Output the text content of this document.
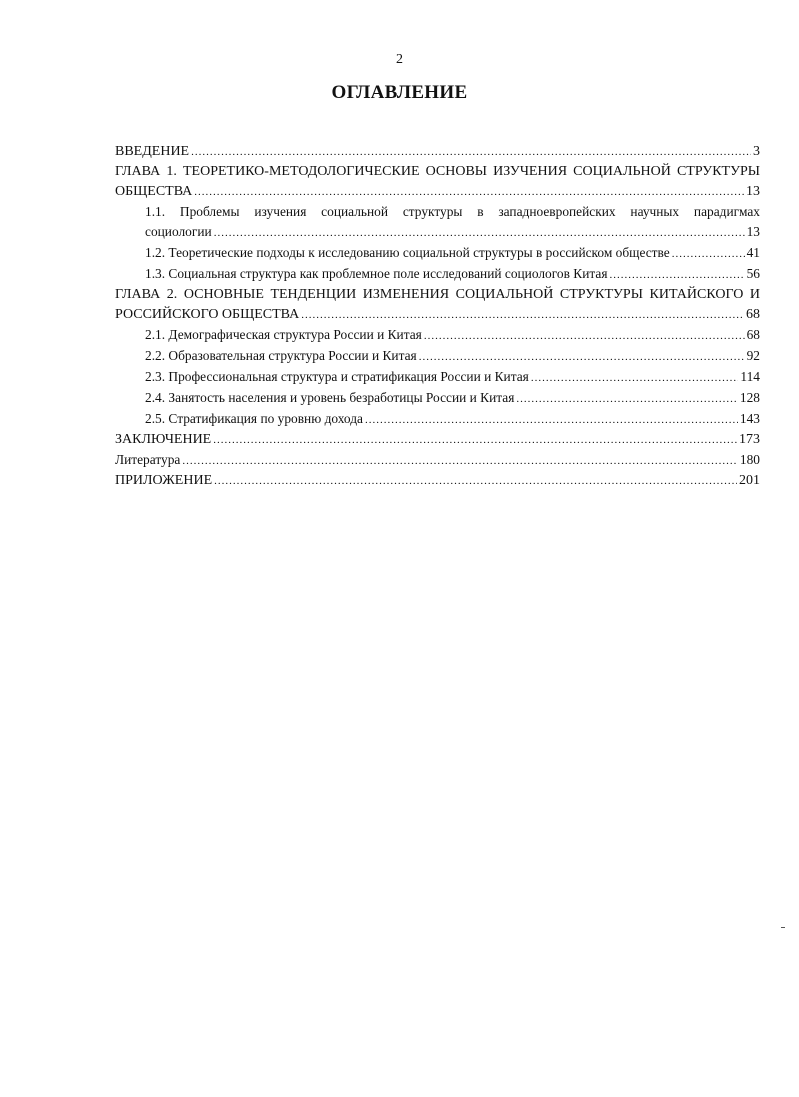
2
ОГЛАВЛЕНИЕ
ВВЕДЕНИЕ .....	3
ГЛАВА 1. ТЕОРЕТИКО-МЕТОДОЛОГИЧЕСКИЕ ОСНОВЫ ИЗУЧЕНИЯ СОЦИАЛЬНОЙ СТРУКТУРЫ
ОБЩЕСТВА .....	13
1.1. Проблемы изучения социальной структуры в западноевропейских научных парадигмах
социологии .....	13
1.2. Теоретические подходы к исследованию социальной структуры в российском обществе .....	41
1.3. Социальная структура как проблемное поле исследований социологов Китая .....	56
ГЛАВА 2. ОСНОВНЫЕ ТЕНДЕНЦИИ ИЗМЕНЕНИЯ СОЦИАЛЬНОЙ СТРУКТУРЫ КИТАЙСКОГО И
РОССИЙСКОГО ОБЩЕСТВА .....	68
2.1. Демографическая структура России и Китая .....	68
2.2. Образовательная структура России и Китая .....	92
2.3. Профессиональная структура и стратификация России и Китая .....	114
2.4. Занятость населения и уровень безработицы России и Китая .....	128
2.5. Стратификация по уровню дохода .....	143
ЗАКЛЮЧЕНИЕ .....	173
Литература .....	180
ПРИЛОЖЕНИЕ .....	201
